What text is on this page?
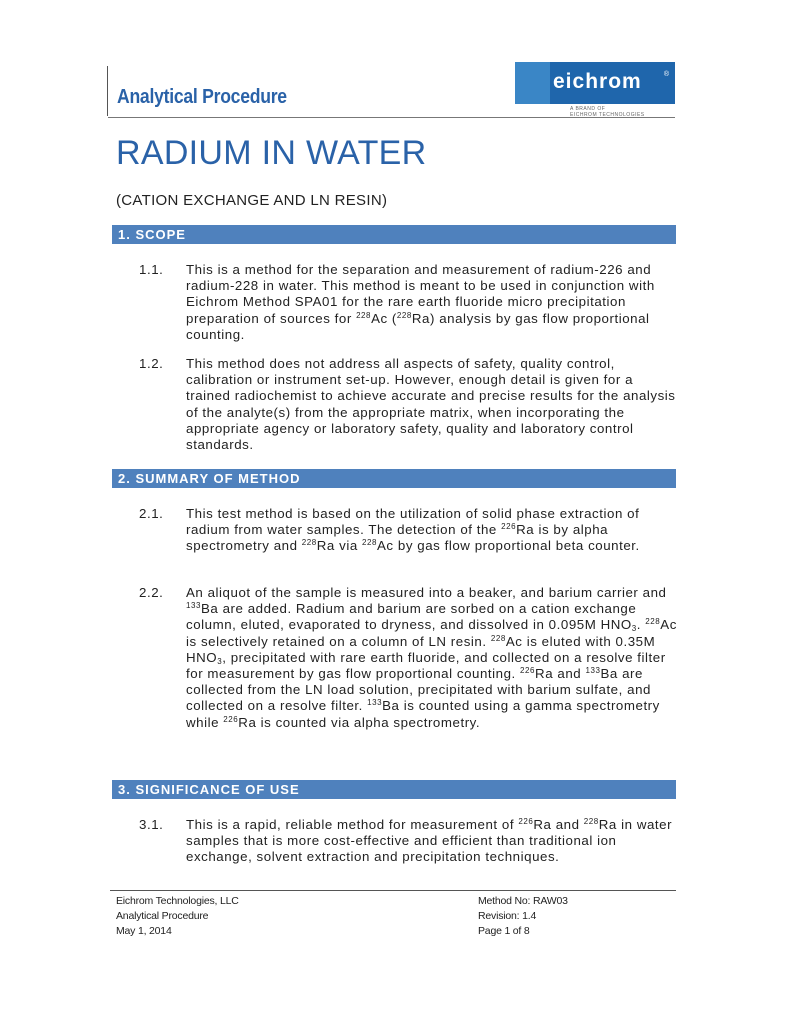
Analytical Procedure
eichrom	®
A BRAND OF
EICHROM TECHNOLOGIES
RADIUM IN WATER
(CATION EXCHANGE AND LN RESIN)
1. SCOPE
1.1. This is a method for the separation and measurement of radium-226 and radium-228 in water. This method is meant to be used in conjunction with Eichrom Method SPA01 for the rare earth fluoride micro precipitation preparation of sources for $^{228}$Ac ($^{228}$Ra) analysis by gas flow proportional counting.
1.2. This method does not address all aspects of safety, quality control, calibration or instrument set-up. However, enough detail is given for a trained radiochemist to achieve accurate and precise results for the analysis of the analyte(s) from the appropriate matrix, when incorporating the appropriate agency or laboratory safety, quality and laboratory control standards.
2. SUMMARY OF METHOD
2.1. This test method is based on the utilization of solid phase extraction of radium from water samples. The detection of the $^{226}$Ra is by alpha spectrometry and $^{228}$Ra via $^{228}$Ac by gas flow proportional beta counter.
2.2. An aliquot of the sample is measured into a beaker, and barium carrier and $^{133}$Ba are added. Radium and barium are sorbed on a cation exchange column, eluted, evaporated to dryness, and dissolved in 0.095M $HNO_3$. $^{228}$Ac is selectively retained on a column of LN resin. $^{228}$Ac is eluted with 0.35M $HNO_3$, precipitated with rare earth fluoride, and collected on a resolve filter for measurement by gas flow proportional counting. $^{226}$Ra and $^{133}$Ba are collected from the LN load solution, precipitated with barium sulfate, and collected on a resolve filter. $^{133}$Ba is counted using a gamma spectrometry while $^{226}$Ra is counted via alpha spectrometry.
3. SIGNIFICANCE OF USE
3.1. This is a rapid, reliable method for measurement of $^{226}$Ra and $^{228}$Ra in water samples that is more cost-effective and efficient than traditional ion exchange, solvent extraction and precipitation techniques.
Eichrom Technologies, LLC
Analytical Procedure
May 1, 2014
Method No: RAW03
Revision: 1.4
Page 1 of 8
